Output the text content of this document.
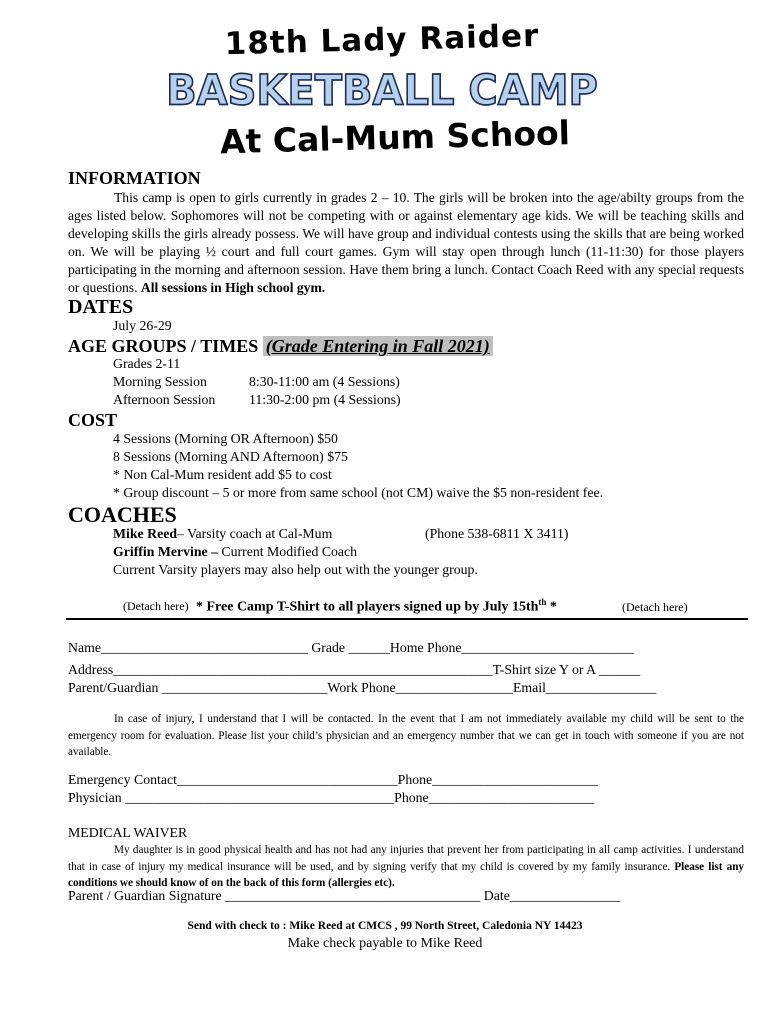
18th Lady Raider
BASKETBALL CAMP
At Cal-Mum School
INFORMATION

This camp is open to girls currently in grades 2 – 10. The girls will be broken into the age/abilty groups from the ages listed below. Sophomores will not be competing with or against elementary age kids. We will be teaching skills and developing skills the girls already possess. We will have group and individual contests using the skills that are being worked on. We will be playing ½ court and full court games. Gym will stay open through lunch (11-11:30) for those players participating in the morning and afternoon session. Have them bring a lunch. Contact Coach Reed with any special requests or questions. All sessions in High school gym.

DATES
July 26-29
AGE GROUPS / TIMES (Grade Entering in Fall 2021)
Grades 2-11
Morning Session	8:30-11:00 am (4 Sessions)
Afternoon Session 11:30-2:00 pm (4 Sessions)
COST
4 Sessions (Morning OR Afternoon) $50
8 Sessions (Morning AND Afternoon) $75
* Non Cal-Mum resident add $5 to cost
* Group discount – 5 or more from same school (not CM) waive the $5 non-resident fee.
COACHES
Mike Reed– Varsity coach at Cal-Mum	(Phone 538-6811 X 3411)
Griffin Mervine – Current Modified Coach
Current Varsity players may also help out with the younger group.
(Detach here) * Free Camp T-Shirt to all players signed up by July $15th^{th}$ *	(Detach here)
Name______________________________ Grade ______Home Phone_________________________
Address_______________________________________________________T-Shirt size Y or A ______
Parent/Guardian ________________________Work Phone_________________Email________________

In case of injury, I understand that I will be contacted. In the event that I am not immediately available my child will be sent to the emergency room for evaluation. Please list your child’s physician and an emergency number that we can get in touch with someone if you are not available.

Emergency Contact________________________________Phone________________________
Physician _______________________________________Phone________________________
MEDICAL WAIVER

My daughter is in good physical health and has not had any injuries that prevent her from participating in all camp activities. I understand that in case of injury my medical insurance will be used, and by signing verify that my child is covered by my family insurance. Please list any conditions we should know of on the back of this form (allergies etc).

Parent / Guardian Signature _____________________________________ Date________________
Send with check to : Mike Reed at CMCS , 99 North Street, Caledonia NY 14423
Make check payable to Mike Reed
